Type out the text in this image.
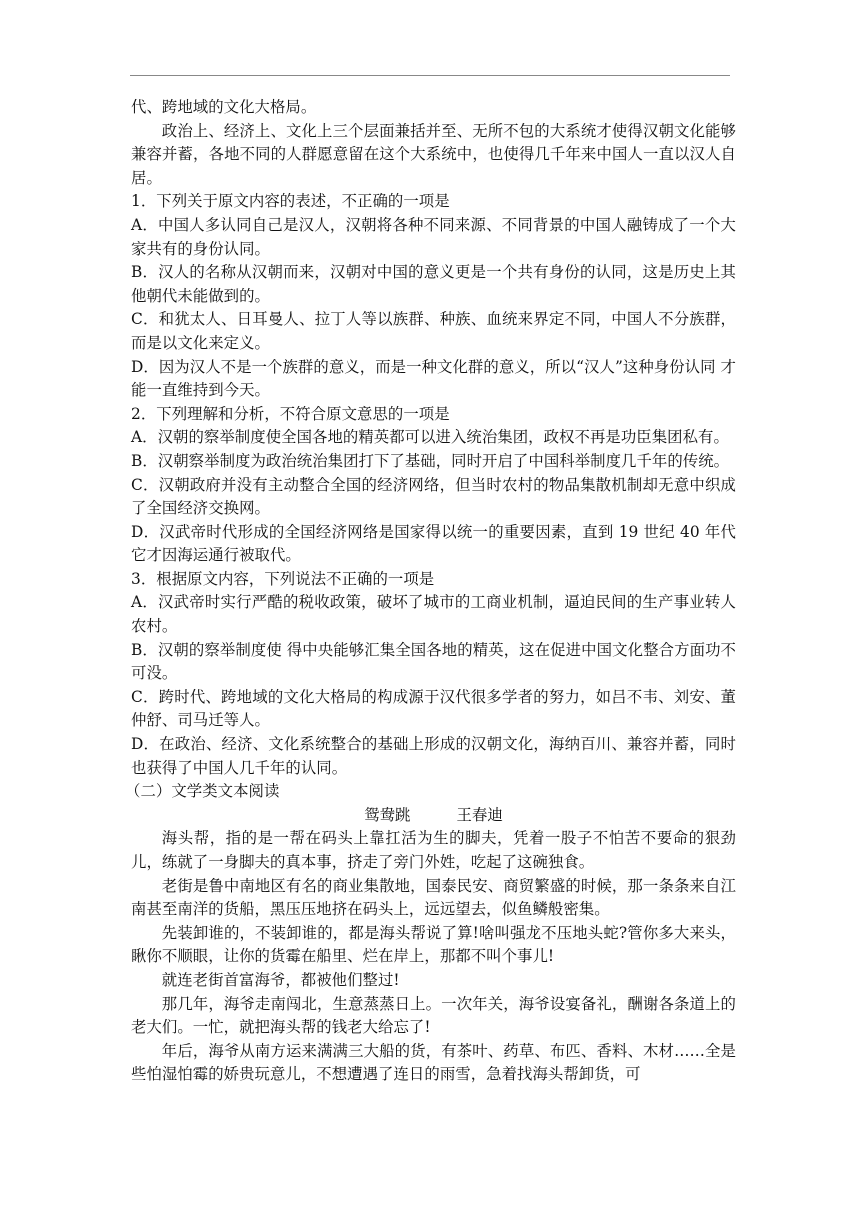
代、跨地域的文化大格局。

政治上、经济上、文化上三个层面兼括并至、无所不包的大系统才使得汉朝文化能够兼容并蓄，各地不同的人群愿意留在这个大系统中，也使得几千年来中国人一直以汉人自居。

1．下列关于原文内容的表述，不正确的一项是

A．中国人多认同自己是汉人，汉朝将各种不同来源、不同背景的中国人融铸成了一个大家共有的身份认同。

B．汉人的名称从汉朝而来，汉朝对中国的意义更是一个共有身份的认同，这是历史上其他朝代未能做到的。

C．和犹太人、日耳曼人、拉丁人等以族群、种族、血统来界定不同，中国人不分族群，而是以文化来定义。

D．因为汉人不是一个族群的意义，而是一种文化群的意义，所以“汉人”这种身份认同 才能一直维持到今天。

2．下列理解和分析，不符合原文意思的一项是

A．汉朝的察举制度使全国各地的精英都可以进入统治集团，政权不再是功臣集团私有。

B．汉朝察举制度为政治统治集团打下了基础，同时开启了中国科举制度几千年的传统。

C．汉朝政府并没有主动整合全国的经济网络，但当时农村的物品集散机制却无意中织成了全国经济交换网。

D．汉武帝时代形成的全国经济网络是国家得以统一的重要因素，直到 19 世纪 40 年代它才因海运通行被取代。

3．根据原文内容，下列说法不正确的一项是

A．汉武帝时实行严酷的税收政策，破坏了城市的工商业机制，逼迫民间的生产事业转人农村。

B．汉朝的察举制度使 得中央能够汇集全国各地的精英，这在促进中国文化整合方面功不可没。

C．跨时代、跨地域的文化大格局的构成源于汉代很多学者的努力，如吕不韦、刘安、董仲舒、司马迁等人。

D．在政治、经济、文化系统整合的基础上形成的汉朝文化，海纳百川、兼容并蓄，同时也获得了中国人几千年的认同。

（二）文学类文本阅读

鸳鸯跳	王春迪

海头帮，指的是一帮在码头上靠扛活为生的脚夫，凭着一股子不怕苦不要命的狠劲儿，练就了一身脚夫的真本事，挤走了旁门外姓，吃起了这碗独食。

老街是鲁中南地区有名的商业集散地，国泰民安、商贸繁盛的时候，那一条条来自江南甚至南洋的货船，黑压压地挤在码头上，远远望去，似鱼鳞般密集。

先装卸谁的，不装卸谁的，都是海头帮说了算!啥叫强龙不压地头蛇?管你多大来头，瞅你不顺眼，让你的货霉在船里、烂在岸上，那都不叫个事儿!

就连老街首富海爷，都被他们整过!

那几年，海爷走南闯北，生意蒸蒸日上。一次年关，海爷设宴备礼，酬谢各条道上的老大们。一忙，就把海头帮的钱老大给忘了!

年后，海爷从南方运来满满三大船的货，有茶叶、药草、布匹、香料、木材……全是些怕湿怕霉的娇贵玩意儿，不想遭遇了连日的雨雪，急着找海头帮卸货，可
